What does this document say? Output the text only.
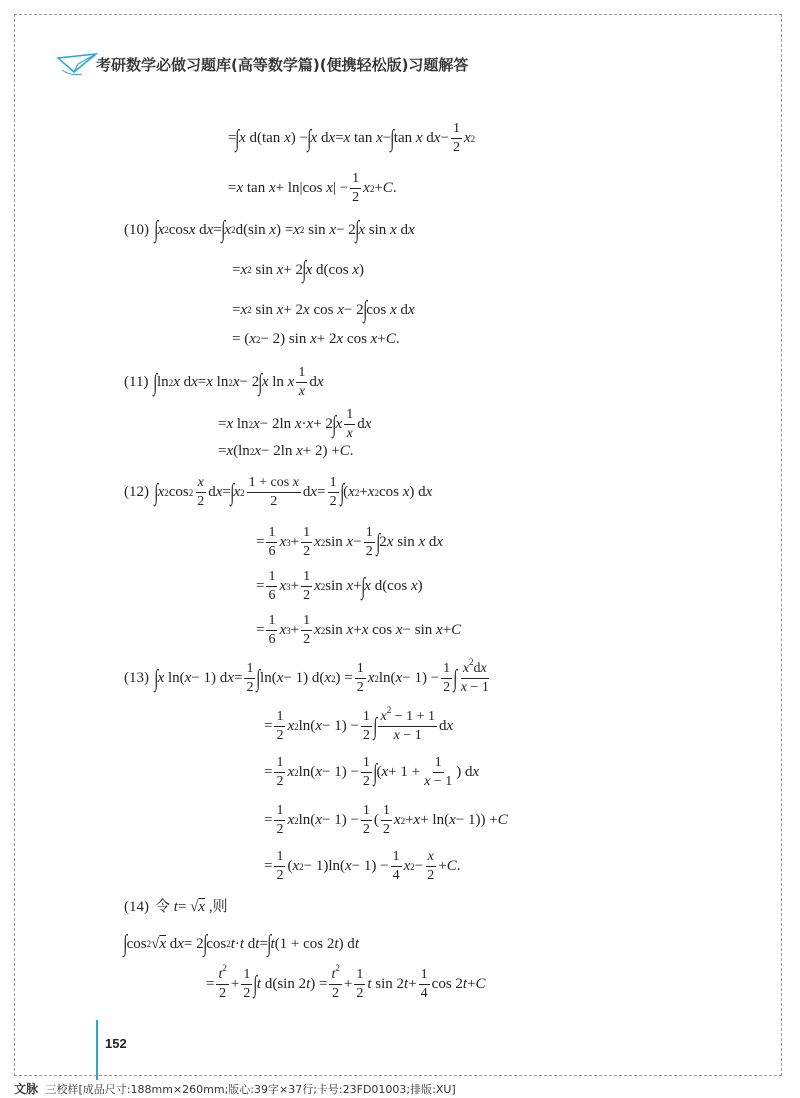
考研数学必做习题库(高等数学篇)(便携轻松版)习题解答
= ∫ x d(tan x ) − ∫ x d x = x tan x − ∫ tan x d $x - \frac{1}{2}$ x 2
= x tan x + ln|cos x | − $\frac{1}{2}$ x 2 + C .
(10) ∫ x 2 cos x d x = ∫ x 2 d(sin x ) = x 2 sin x − 2 ∫ x sin x d x
= x 2 sin x + 2 ∫ x d(cos x )
= x 2 sin x + 2 x cos x − 2 ∫ cos x d x
= ( x 2 − 2) sin x + 2 x cos x + C .
(11) ∫ ln 2 x d x = x ln 2 x − 2 ∫ x ln x $\frac{1}{x}$ d x
= x ln 2 x − 2ln x · x + 2 ∫ x $\frac{1}{x}$ d x
= x (ln 2 x − 2ln x + 2) + C .
(12) ∫ x 2 $\cos 2 \frac{x}{2}$ d x = ∫ x $2 \frac{\text{1 + cos x}}{2}$ d $x = \frac{1}{2}$ ∫ ( x 2 + x 2 cos x ) d x
= $\frac{1}{6}$ x $3 + \frac{1}{2}$ x 2 $\sin x - \frac{1}{2}$ ∫ 2 x sin x d x
= $\frac{1}{6}$ x $3 + \frac{1}{2}$ x 2 sin x + ∫ x d(cos x )
= $\frac{1}{6}$ x $3 + \frac{1}{2}$ x 2 sin x + x cos x − sin x + C
(13) ∫ x ln( x − 1) d $x = \frac{1}{2}$ ∫ ln( x − 1) d( x 2 ) = $\frac{1}{2}$ x 2 ln( $x - 1) - \frac{1}{2}$ ∫ $\frac{x^2dx}{x - 1}$
= $\frac{1}{2}$ x 2 ln( $x - 1) - \frac{1}{2}$ ∫ $\frac{x^2 - 1 + 1}{x - 1}$ d x
= $\frac{1}{2}$ x 2 ln( $x - 1) - \frac{1}{2}$ ∫ ( $x + 1 + \frac{1}{x - 1}$ ) d x
= $\frac{1}{2}$ x 2 ln( $x - 1) - \frac{1}{2}$ ( $\frac{1}{2}$ x 2 + x + ln( x − 1)) + C
= $\frac{1}{2}$ ( x 2 − 1)ln( $x - 1) - \frac{1}{4}$ x $2 - \frac{x}{2} + C$ .
(14) 令 t = √ x ,则
∫ cos 2 √ x d x = 2 ∫ cos 2 t · t d t = ∫ t (1 + cos 2 t ) d t
= $\frac{t^2}{2} + \frac{1}{2}$ ∫ t d(sin 2 t ) = $\frac{t^2}{2} + \frac{1}{2}$ t sin 2 $t + \frac{1}{4}$ cos 2 t + C
152
文脉 三校样[成品尺寸:188mm×260mm;版心:39字×37行;卡号:23FD01003;排版:XU]
